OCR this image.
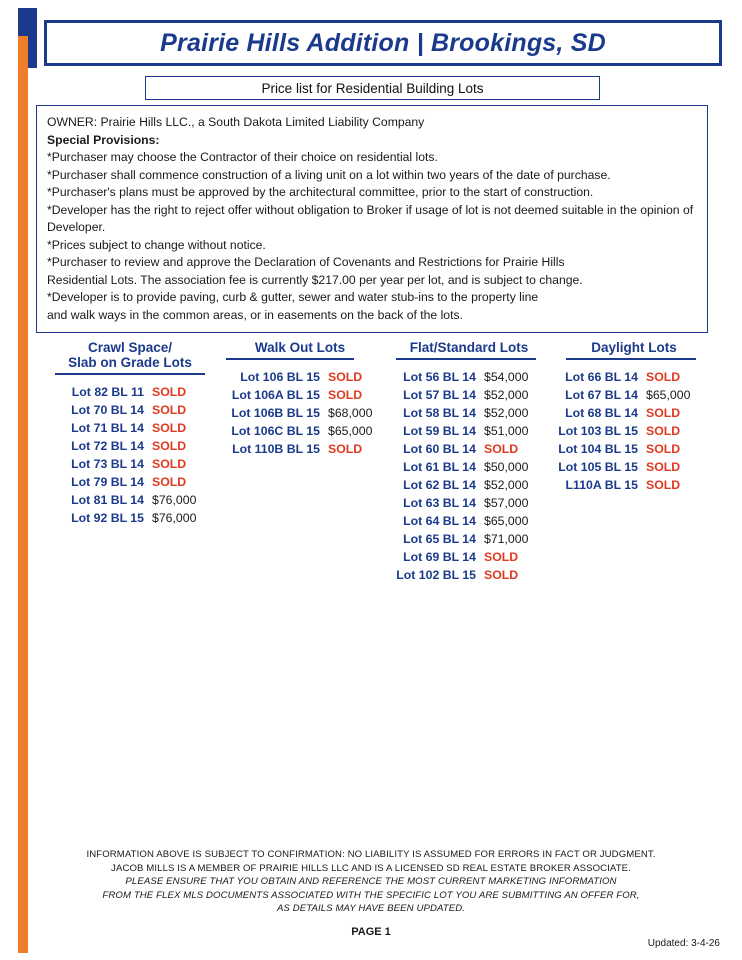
Prairie Hills Addition | Brookings, SD
Price list for Residential Building Lots
OWNER: Prairie Hills LLC., a South Dakota Limited Liability Company
Special Provisions:
*Purchaser may choose the Contractor of their choice on residential lots.
*Purchaser shall commence construction of a living unit on a lot within two years of the date of purchase.
*Purchaser's plans must be approved by the architectural committee, prior to the start of construction.
*Developer has the right to reject offer without obligation to Broker if usage of lot is not deemed suitable in the opinion of
Developer.
*Prices subject to change without notice.
*Purchaser to review and approve the Declaration of Covenants and Restrictions for Prairie Hills
Residential Lots. The association fee is currently $217.00 per year per lot, and is subject to change.
*Developer is to provide paving, curb & gutter, sewer and water stub-ins to the property line
and walk ways in the common areas, or in easements on the back of the lots.
Crawl Space/
Slab on Grade Lots
Lot 82 BL 11 SOLD
Lot 70 BL 14 SOLD
Lot 71 BL 14 SOLD
Lot 72 BL 14 SOLD
Lot 73 BL 14 SOLD
Lot 79 BL 14 SOLD
Lot 81 BL 14 $76,000
Lot 92 BL 15 $76,000
Walk Out Lots
Lot 106 BL 15 SOLD
Lot 106A BL 15 SOLD
Lot 106B BL 15 $68,000
Lot 106C BL 15 $65,000
Lot 110B BL 15 SOLD
Flat/Standard Lots
Lot 56 BL 14 $54,000
Lot 57 BL 14 $52,000
Lot 58 BL 14 $52,000
Lot 59 BL 14 $51,000
Lot 60 BL 14 SOLD
Lot 61 BL 14 $50,000
Lot 62 BL 14 $52,000
Lot 63 BL 14 $57,000
Lot 64 BL 14 $65,000
Lot 65 BL 14 $71,000
Lot 69 BL 14 SOLD
Lot 102 BL 15 SOLD
Daylight Lots
Lot 66 BL 14 SOLD
Lot 67 BL 14 $65,000
Lot 68 BL 14 SOLD
Lot 103 BL 15 SOLD
Lot 104 BL 15 SOLD
Lot 105 BL 15 SOLD
L110A BL 15 SOLD
INFORMATION ABOVE IS SUBJECT TO CONFIRMATION: NO LIABILITY IS ASSUMED FOR ERRORS IN FACT OR JUDGMENT.
JACOB MILLS IS A MEMBER OF PRAIRIE HILLS LLC AND IS A LICENSED SD REAL ESTATE BROKER ASSOCIATE.
PLEASE ENSURE THAT YOU OBTAIN AND REFERENCE THE MOST CURRENT MARKETING INFORMATION
FROM THE FLEX MLS DOCUMENTS ASSOCIATED WITH THE SPECIFIC LOT YOU ARE SUBMITTING AN OFFER FOR,
AS DETAILS MAY HAVE BEEN UPDATED.
PAGE 1
Updated: 3-4-26
